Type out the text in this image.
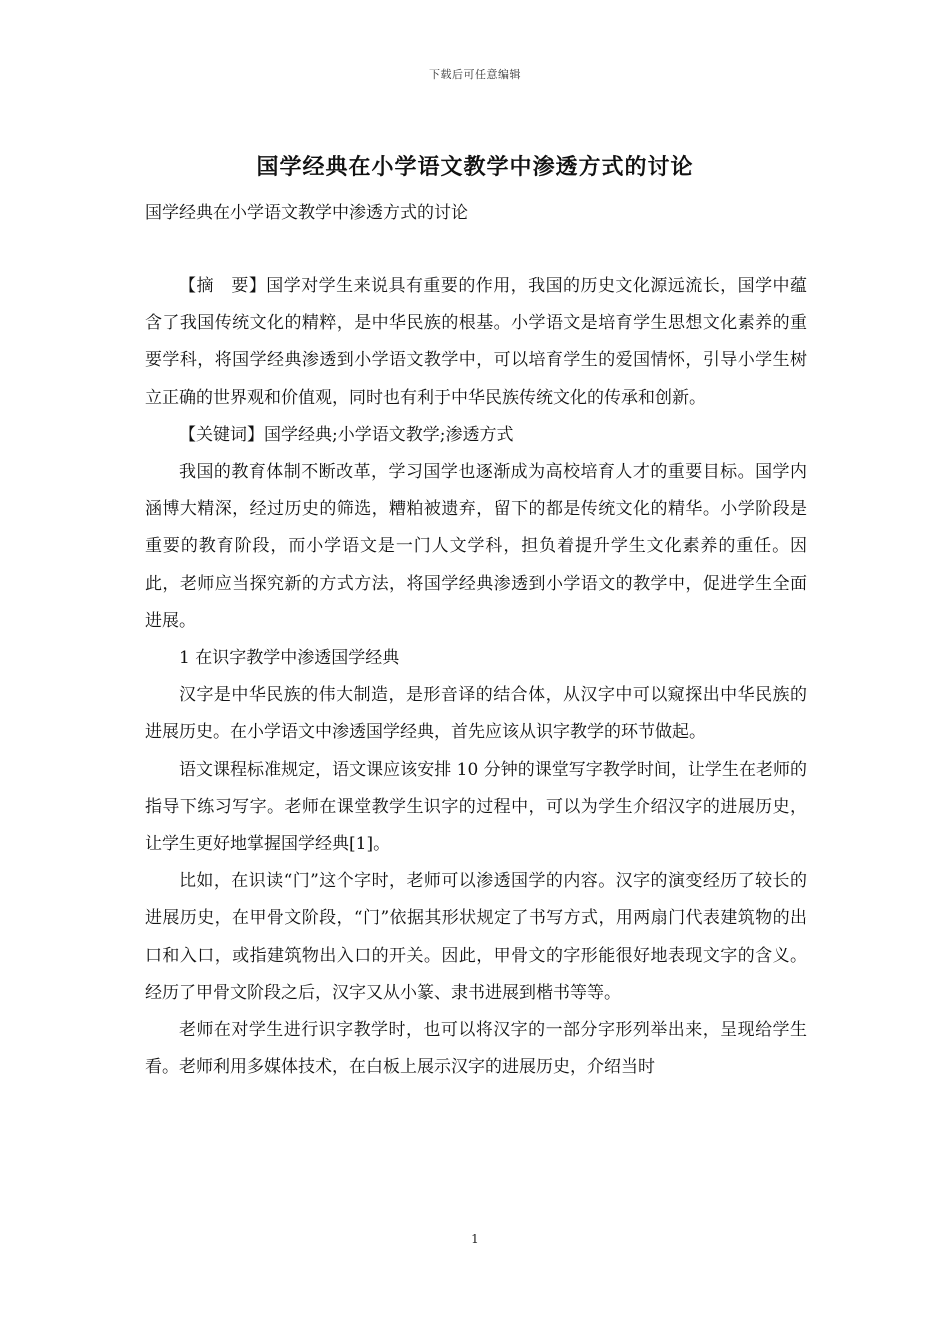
下载后可任意编辑
国学经典在小学语文教学中渗透方式的讨论

国学经典在小学语文教学中渗透方式的讨论

【摘　要】国学对学生来说具有重要的作用，我国的历史文化源远流长，国学中蕴含了我国传统文化的精粹，是中华民族的根基。小学语文是培育学生思想文化素养的重要学科，将国学经典渗透到小学语文教学中，可以培育学生的爱国情怀，引导小学生树立正确的世界观和价值观，同时也有利于中华民族传统文化的传承和创新。

【关键词】国学经典;小学语文教学;渗透方式

我国的教育体制不断改革，学习国学也逐渐成为高校培育人才的重要目标。国学内涵博大精深，经过历史的筛选，糟粕被遗弃，留下的都是传统文化的精华。小学阶段是重要的教育阶段，而小学语文是一门人文学科，担负着提升学生文化素养的重任。因此，老师应当探究新的方式方法，将国学经典渗透到小学语文的教学中，促进学生全面进展。

1 在识字教学中渗透国学经典

汉字是中华民族的伟大制造，是形音译的结合体，从汉字中可以窥探出中华民族的进展历史。在小学语文中渗透国学经典，首先应该从识字教学的环节做起。

语文课程标准规定，语文课应该安排 10 分钟的课堂写字教学时间，让学生在老师的指导下练习写字。老师在课堂教学生识字的过程中，可以为学生介绍汉字的进展历史，让学生更好地掌握国学经典[1]。

比如，在识读“门”这个字时，老师可以渗透国学的内容。汉字的演变经历了较长的进展历史，在甲骨文阶段，“门”依据其形状规定了书写方式，用两扇门代表建筑物的出口和入口，或指建筑物出入口的开关。因此，甲骨文的字形能很好地表现文字的含义。经历了甲骨文阶段之后，汉字又从小篆、隶书进展到楷书等等。

老师在对学生进行识字教学时，也可以将汉字的一部分字形列举出来，呈现给学生看。老师利用多媒体技术，在白板上展示汉字的进展历史，介绍当时

1
